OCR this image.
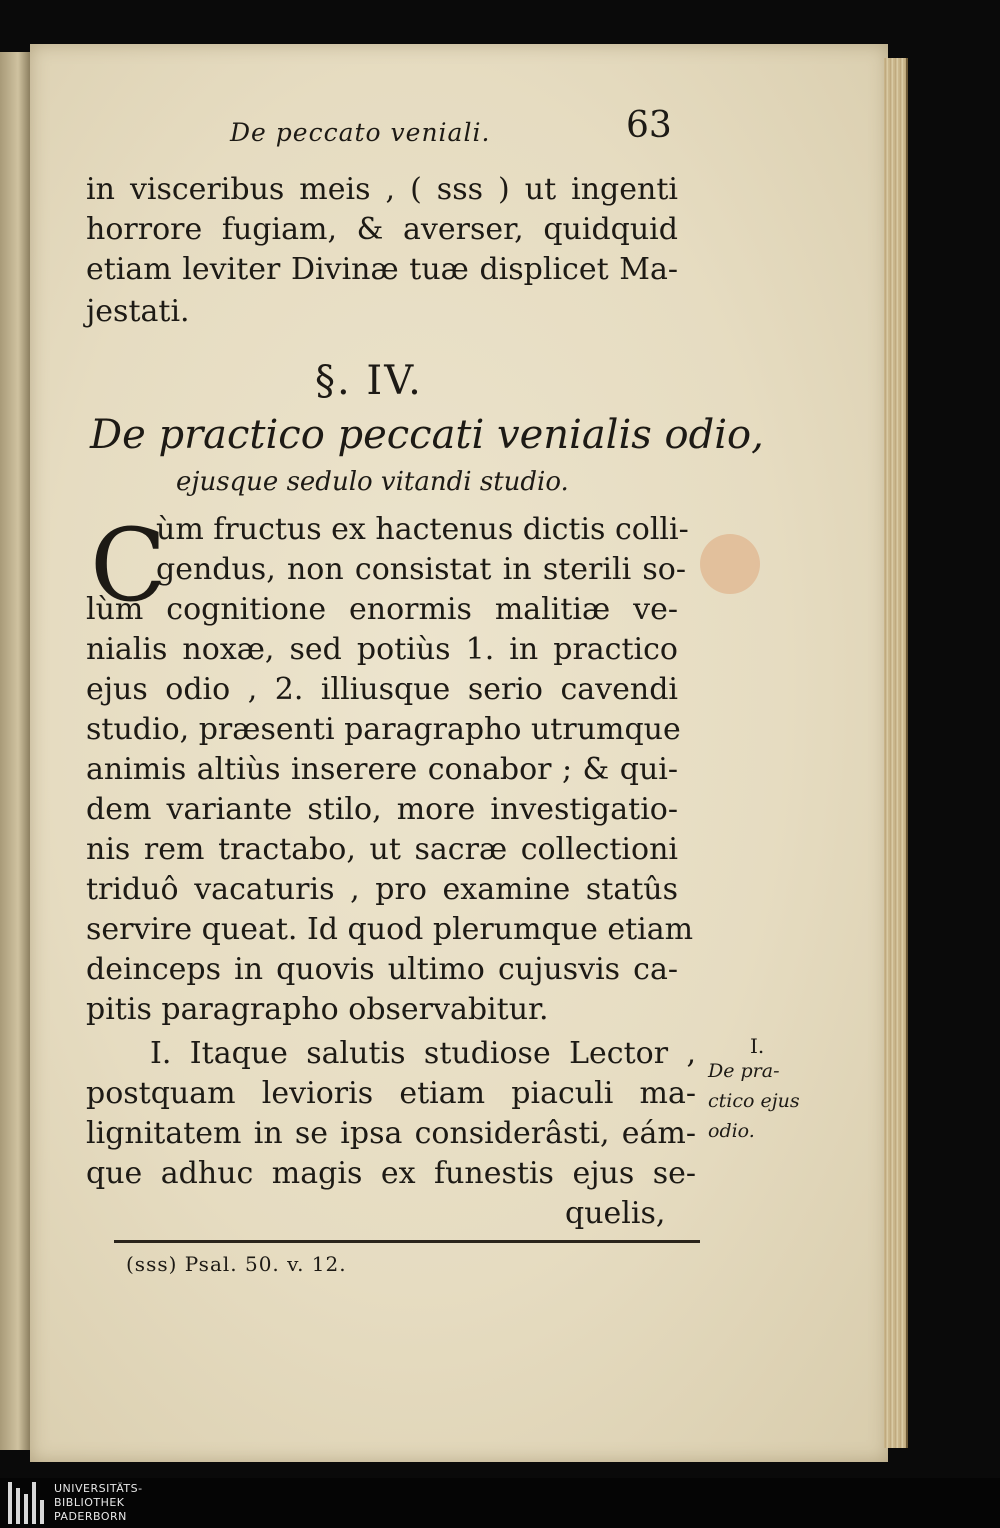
De peccato veniali.	63
in visceribus meis , ( sss ) ut ingenti
horrore fugiam, & averser, quidquid
etiam leviter Divinæ tuæ displicet Ma-
jestati.
§. IV.
De practico peccati venialis odio,
ejusque sedulo vitandi studio.
C
ùm fructus ex hactenus dictis colli-
gendus, non consistat in sterili so-
lùm cognitione enormis malitiæ ve-
nialis noxæ, sed potiùs 1. in practico
ejus odio , 2. illiusque serio cavendi
studio, præsenti paragrapho utrumque
animis altiùs inserere conabor ; & qui-
dem variante stilo, more investigatio-
nis rem tractabo, ut sacræ collectioni
triduô vacaturis , pro examine statûs
servire queat. Id quod plerumque etiam
deinceps in quovis ultimo cujusvis ca-
pitis paragrapho observabitur.
I. Itaque salutis studiose Lector ,
postquam levioris etiam piaculi ma-
lignitatem in se ipsa considerâsti, eám-
que adhuc magis ex funestis ejus se-
I.
De pra-
ctico ejus
odio.
quelis,
(sss) Psal. 50. v. 12.
UNIVERSITÄTS-
BIBLIOTHEK
PADERBORN
